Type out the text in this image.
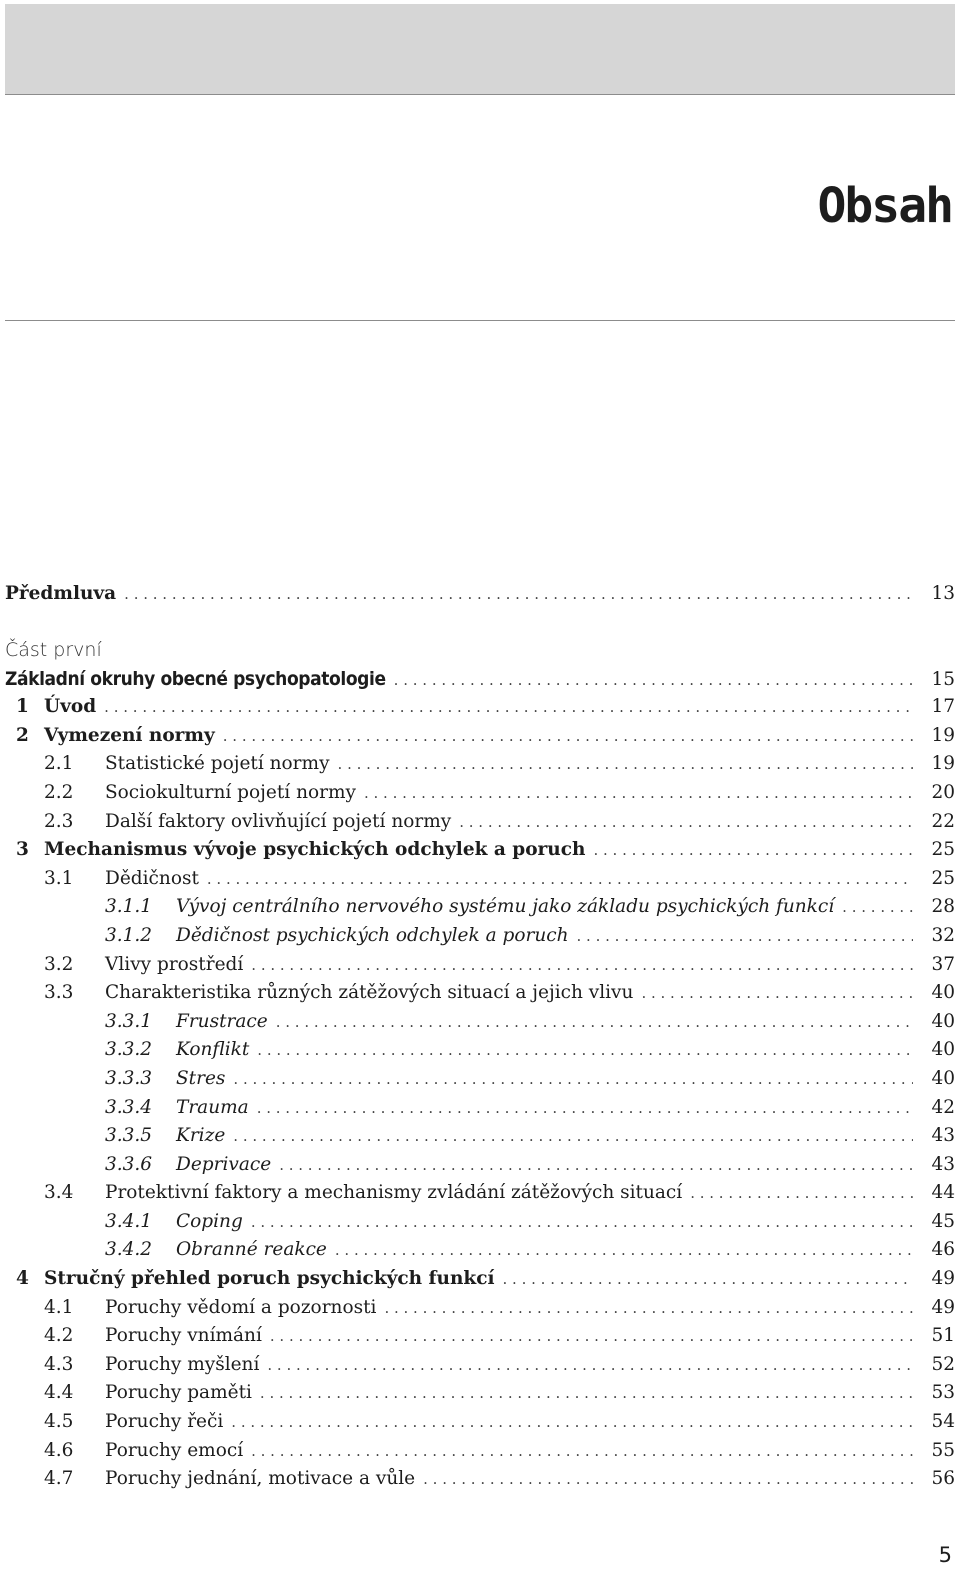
Obsah
Předmluva . . .	13
Část první
Základní okruhy obecné psychopatologie . . .	15
1 Úvod . . .	17
2 Vymezení normy . . .	19
2.1	Statistické pojetí normy . . .	19
2.2	Sociokulturní pojetí normy . . .	20
2.3	Další faktory ovlivňující pojetí normy . . .	22
3 Mechanismus vývoje psychických odchylek a poruch . . .	25
3.1	Dědičnost . . .	25
3.1.1	Vývoj centrálního nervového systému jako základu psychických funkcí . . .	28
3.1.2	Dědičnost psychických odchylek a poruch . . .	32
3.2	Vlivy prostředí . . .	37
3.3	Charakteristika různých zátěžových situací a jejich vlivu . . .	40
3.3.1	Frustrace . . .	40
3.3.2	Konflikt . . .	40
3.3.3	Stres . . .	40
3.3.4	Trauma . . .	42
3.3.5	Krize . . .	43
3.3.6	Deprivace . . .	43
3.4	Protektivní faktory a mechanismy zvládání zátěžových situací . . .	44
3.4.1	Coping . . .	45
3.4.2	Obranné reakce . . .	46
4 Stručný přehled poruch psychických funkcí . . .	49
4.1	Poruchy vědomí a pozornosti . . .	49
4.2	Poruchy vnímání . . .	51
4.3	Poruchy myšlení . . .	52
4.4	Poruchy paměti . . .	53
4.5	Poruchy řeči . . .	54
4.6	Poruchy emocí . . .	55
4.7	Poruchy jednání, motivace a vůle . . .	56
5
